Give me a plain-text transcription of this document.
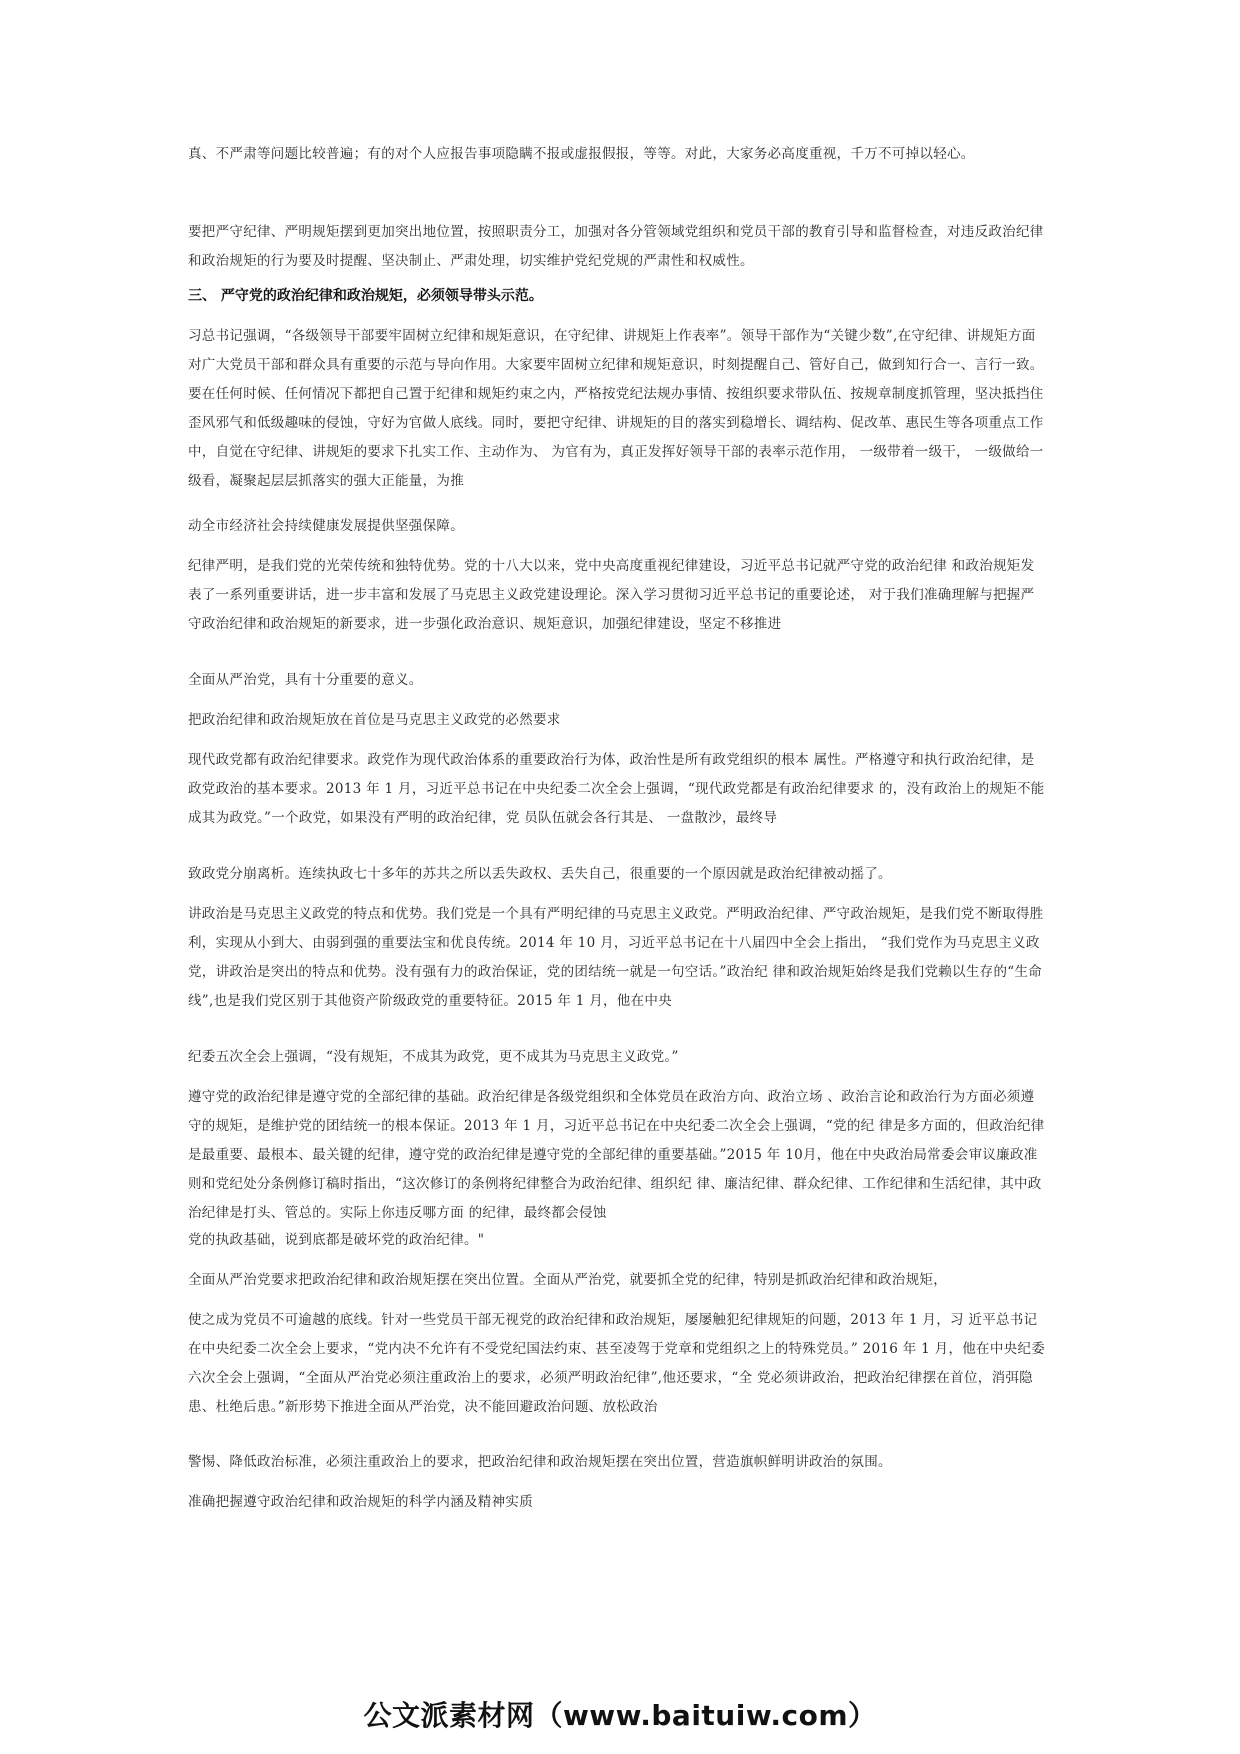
真、不严肃等问题比较普遍；有的对个人应报告事项隐瞒不报或虚报假报，等等。对此，大家务必高度重视，千万不可掉以轻心。

要把严守纪律、严明规矩摆到更加突出地位置，按照职责分工，加强对各分管领域党组织和党员干部的教育引导和监督检查，对违反政治纪律和政治规矩的行为要及时提醒、坚决制止、严肃处理，切实维护党纪党规的严肃性和权威性。

三、 严守党的政治纪律和政治规矩，必须领导带头示范。

习总书记强调，“各级领导干部要牢固树立纪律和规矩意识，在守纪律、讲规矩上作表率”。领导干部作为“关键少数”,在守纪律、讲规矩方面对广大党员干部和群众具有重要的示范与导向作用。大家要牢固树立纪律和规矩意识，时刻提醒自己、管好自己，做到知行合一、言行一致。要在任何时候、任何情况下都把自己置于纪律和规矩约束之内，严格按党纪法规办事情、按组织要求带队伍、按规章制度抓管理，坚决抵挡住歪风邪气和低级趣味的侵蚀，守好为官做人底线。同时，要把守纪律、讲规矩的目的落实到稳增长、调结构、促改革、惠民生等各项重点工作中，自觉在守纪律、讲规矩的要求下扎实工作、主动作为、 为官有为，真正发挥好领导干部的表率示范作用， 一级带着一级干， 一级做给一级看，凝聚起层层抓落实的强大正能量，为推

动全市经济社会持续健康发展提供坚强保障。

纪律严明，是我们党的光荣传统和独特优势。党的十八大以来，党中央高度重视纪律建设，习近平总书记就严守党的政治纪律 和政治规矩发表了一系列重要讲话，进一步丰富和发展了马克思主义政党建设理论。深入学习贯彻习近平总书记的重要论述， 对于我们准确理解与把握严守政治纪律和政治规矩的新要求，进一步强化政治意识、规矩意识，加强纪律建设，坚定不移推进

全面从严治党，具有十分重要的意义。

把政治纪律和政治规矩放在首位是马克思主义政党的必然要求

现代政党都有政治纪律要求。政党作为现代政治体系的重要政治行为体，政治性是所有政党组织的根本 属性。严格遵守和执行政治纪律，是政党政治的基本要求。2013 年 1 月，习近平总书记在中央纪委二次全会上强调，“现代政党都是有政治纪律要求 的，没有政治上的规矩不能成其为政党。”一个政党，如果没有严明的政治纪律，党 员队伍就会各行其是、 一盘散沙，最终导

致政党分崩离析。连续执政七十多年的苏共之所以丢失政权、丢失自己，很重要的一个原因就是政治纪律被动摇了。

讲政治是马克思主义政党的特点和优势。我们党是一个具有严明纪律的马克思主义政党。严明政治纪律、严守政治规矩，是我们党不断取得胜利，实现从小到大、由弱到强的重要法宝和优良传统。2014 年 10 月，习近平总书记在十八届四中全会上指出， “我们党作为马克思主义政党，讲政治是突出的特点和优势。没有强有力的政治保证，党的团结统一就是一句空话。”政治纪 律和政治规矩始终是我们党赖以生存的“生命线”,也是我们党区别于其他资产阶级政党的重要特征。2015 年 1 月，他在中央

纪委五次全会上强调，“没有规矩，不成其为政党，更不成其为马克思主义政党。”

遵守党的政治纪律是遵守党的全部纪律的基础。政治纪律是各级党组织和全体党员在政治方向、政治立场 、政治言论和政治行为方面必须遵守的规矩，是维护党的团结统一的根本保证。2013 年 1 月，习近平总书记在中央纪委二次全会上强调，“党的纪 律是多方面的，但政治纪律是最重要、最根本、最关键的纪律，遵守党的政治纪律是遵守党的全部纪律的重要基础。”2015 年 10月，他在中央政治局常委会审议廉政准则和党纪处分条例修订稿时指出，“这次修订的条例将纪律整合为政治纪律、组织纪 律、廉洁纪律、群众纪律、工作纪律和生活纪律，其中政治纪律是打头、管总的。实际上你违反哪方面 的纪律，最终都会侵蚀

党的执政基础，说到底都是破坏党的政治纪律。"

全面从严治党要求把政治纪律和政治规矩摆在突出位置。全面从严治党，就要抓全党的纪律，特别是抓政治纪律和政治规矩，

使之成为党员不可逾越的底线。针对一些党员干部无视党的政治纪律和政治规矩，屡屡触犯纪律规矩的问题，2013 年 1 月，习 近平总书记在中央纪委二次全会上要求，“党内决不允许有不受党纪国法约束、甚至凌驾于党章和党组织之上的特殊党员。” 2016 年 1 月，他在中央纪委六次全会上强调，“全面从严治党必须注重政治上的要求，必须严明政治纪律”,他还要求，“全 党必须讲政治，把政治纪律摆在首位，消弭隐患、杜绝后患。”新形势下推进全面从严治党，决不能回避政治问题、放松政治

警惕、降低政治标准，必须注重政治上的要求，把政治纪律和政治规矩摆在突出位置，营造旗帜鲜明讲政治的氛围。

准确把握遵守政治纪律和政治规矩的科学内涵及精神实质

公文派素材网（www.baituiw.com）
